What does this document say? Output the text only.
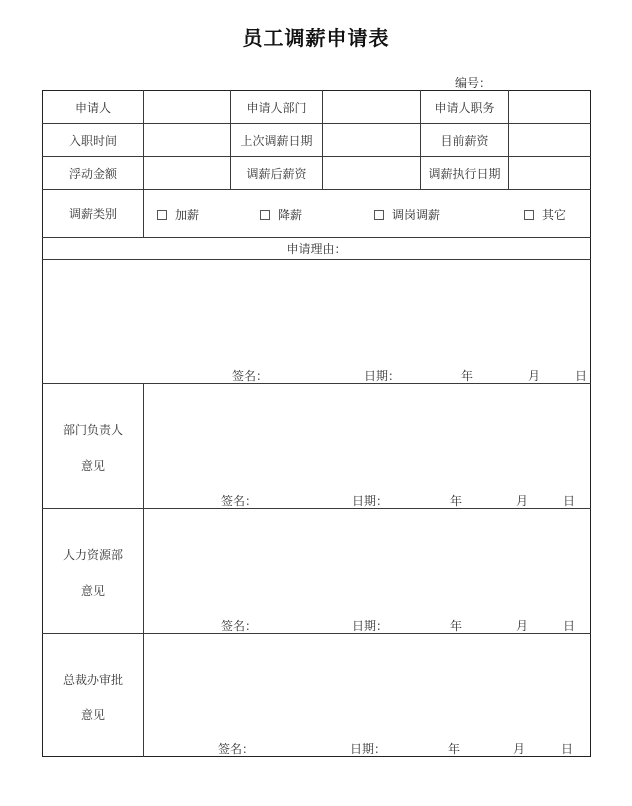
员工调薪申请表
编号：
申请人	申请人部门	申请人职务
入职时间	上次调薪日期	目前薪资
浮动金额	调薪后薪资	调薪执行日期
调薪类别	加薪	降薪	调岗调薪	其它
申请理由：
签名：	日期：	年	月	日
部门负责人
意见
签名：	日期：	年	月	日
人力资源部
意见
签名：	日期：	年	月	日
总裁办审批
意见
签名：	日期：	年	月	日
